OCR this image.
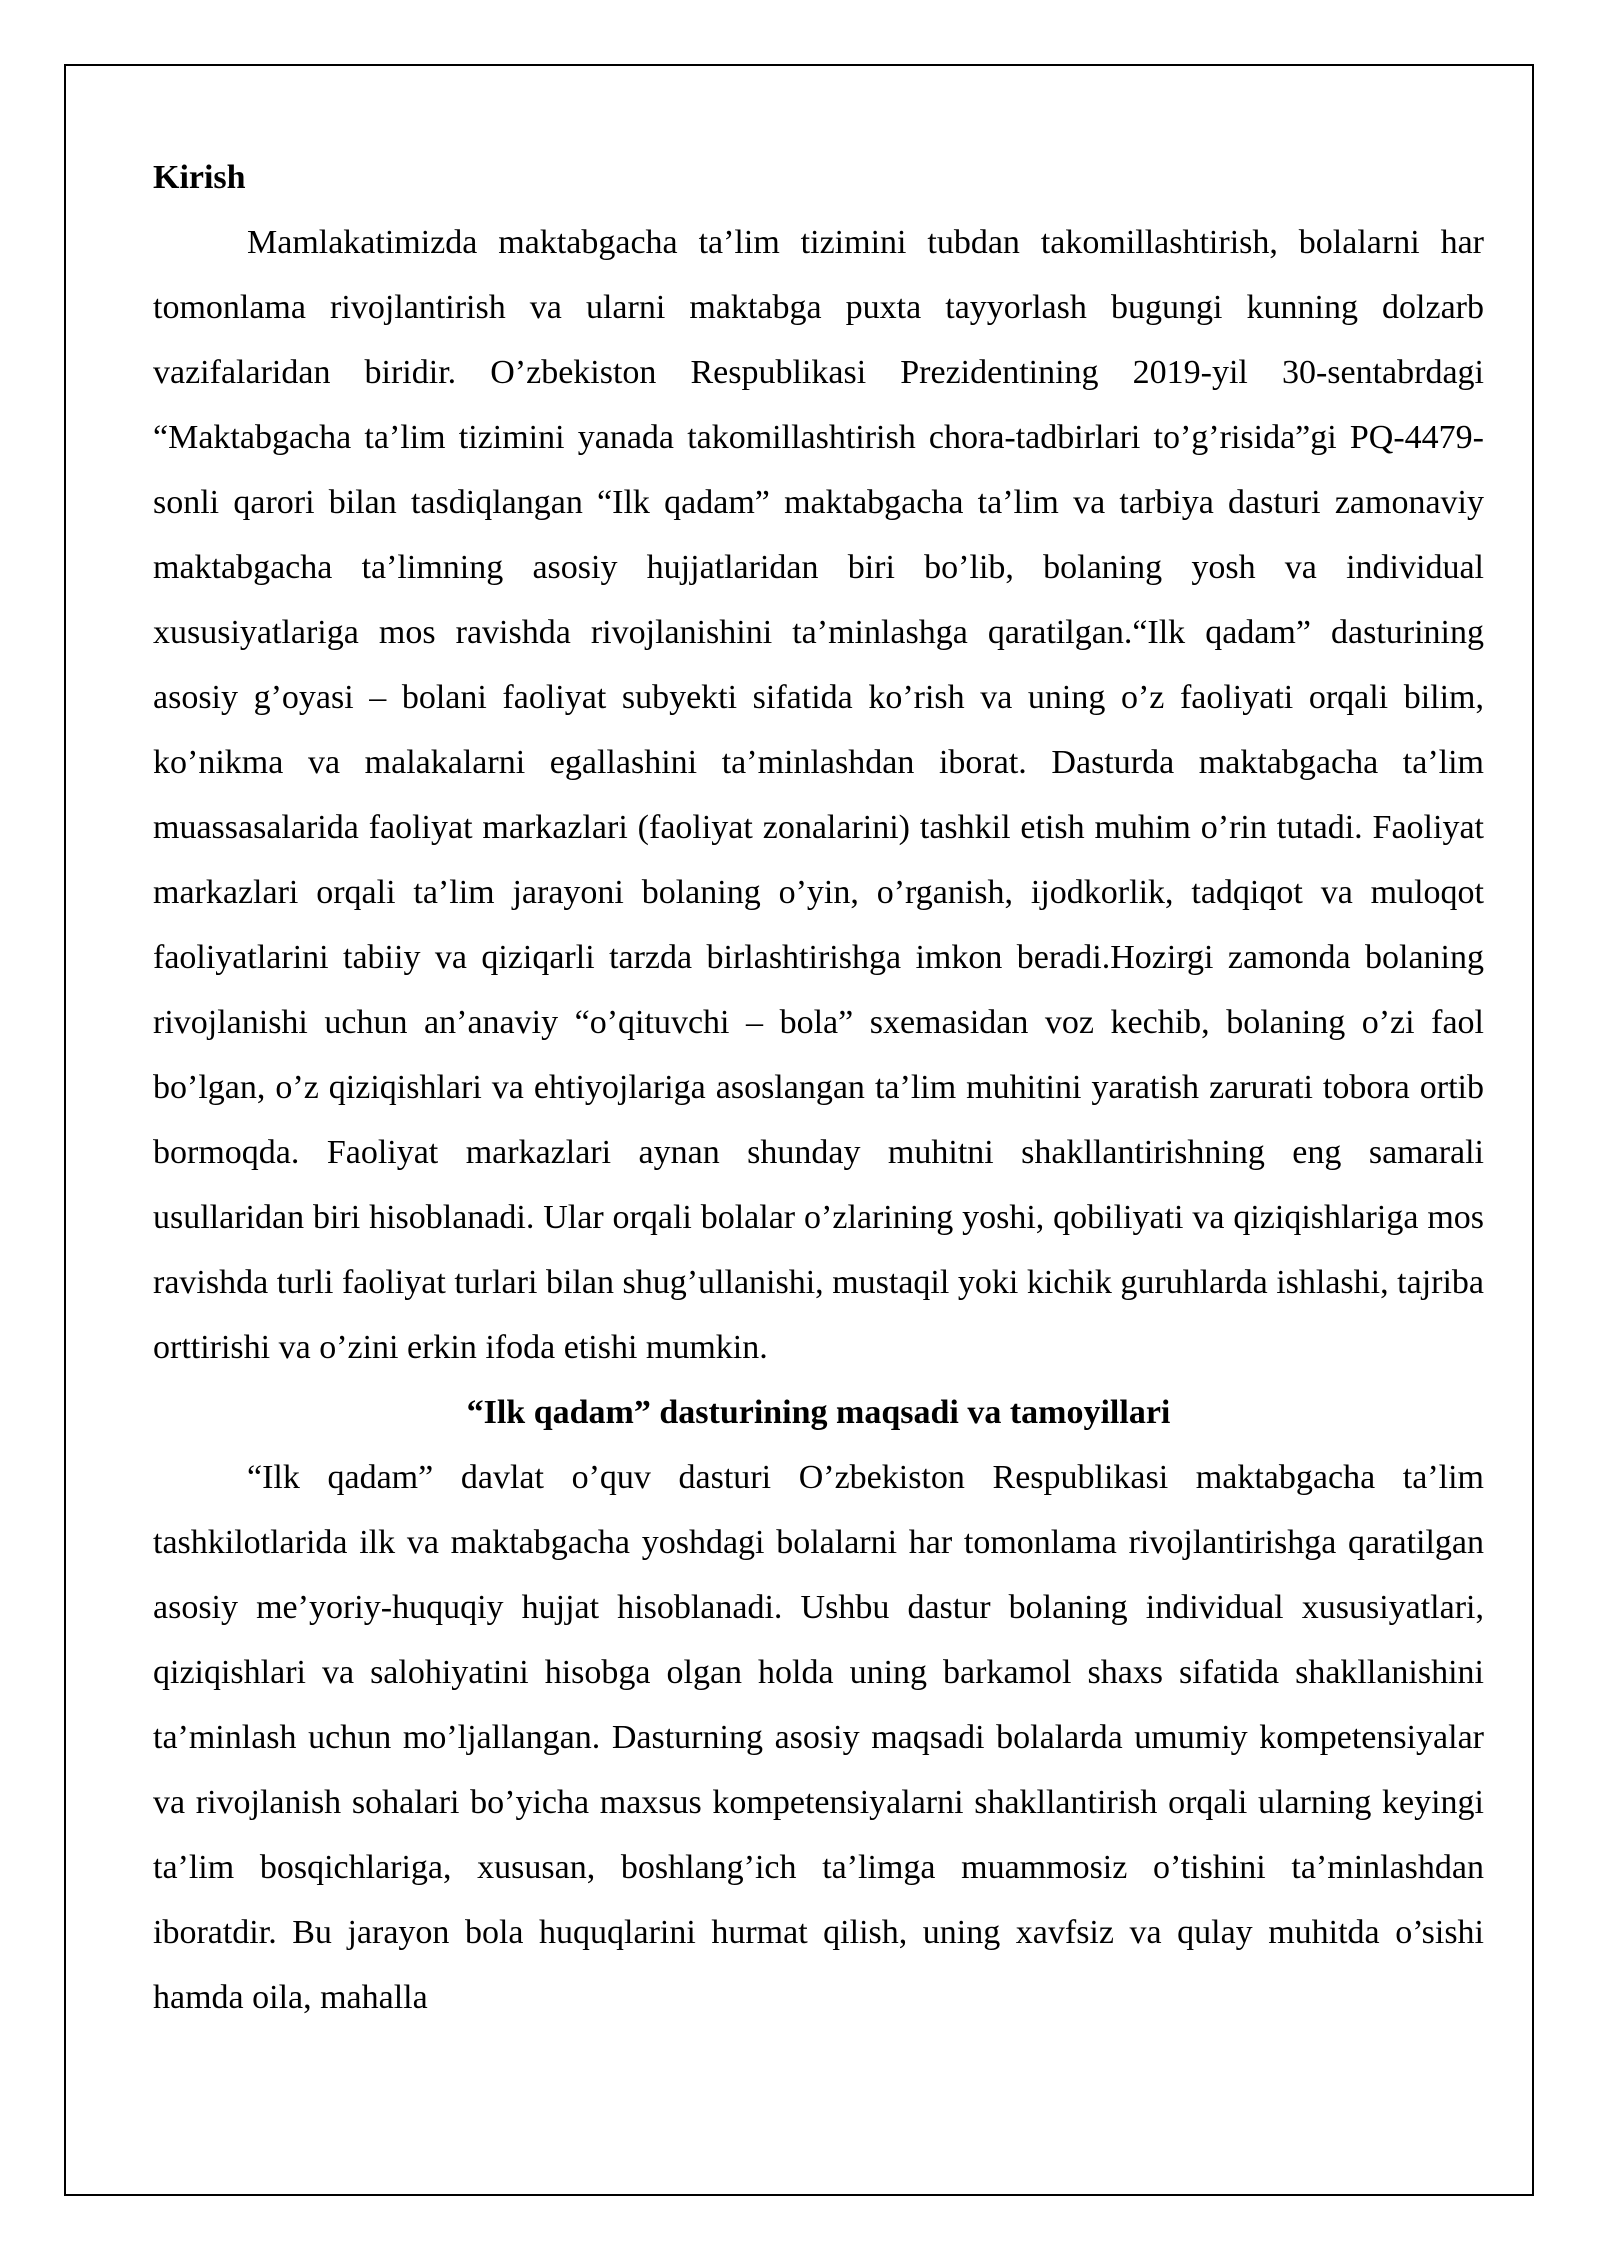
Kirish

Mamlakatimizda maktabgacha ta’lim tizimini tubdan takomillashtirish, bolalarni har tomonlama rivojlantirish va ularni maktabga puxta tayyorlash bugungi kunning dolzarb vazifalaridan biridir. O’zbekiston Respublikasi Prezidentining 2019-yil 30-sentabrdagi “Maktabgacha ta’lim tizimini yanada takomillashtirish chora-tadbirlari to’g’risida”gi PQ-4479-sonli qarori bilan tasdiqlangan “Ilk qadam” maktabgacha ta’lim va tarbiya dasturi zamonaviy maktabgacha ta’limning asosiy hujjatlaridan biri bo’lib, bolaning yosh va individual xususiyatlariga mos ravishda rivojlanishini ta’minlashga qaratilgan.“Ilk qadam” dasturining asosiy g’oyasi – bolani faoliyat subyekti sifatida ko’rish va uning o’z faoliyati orqali bilim, ko’nikma va malakalarni egallashini ta’minlashdan iborat. Dasturda maktabgacha ta’lim muassasalarida faoliyat markazlari (faoliyat zonalarini) tashkil etish muhim o’rin tutadi. Faoliyat markazlari orqali ta’lim jarayoni bolaning o’yin, o’rganish, ijodkorlik, tadqiqot va muloqot faoliyatlarini tabiiy va qiziqarli tarzda birlashtirishga imkon beradi.Hozirgi zamonda bolaning rivojlanishi uchun an’anaviy “o’qituvchi – bola” sxemasidan voz kechib, bolaning o’zi faol bo’lgan, o’z qiziqishlari va ehtiyojlariga asoslangan ta’lim muhitini yaratish zarurati tobora ortib bormoqda. Faoliyat markazlari aynan shunday muhitni shakllantirishning eng samarali usullaridan biri hisoblanadi. Ular orqali bolalar o’zlarining yoshi, qobiliyati va qiziqishlariga mos ravishda turli faoliyat turlari bilan shug’ullanishi, mustaqil yoki kichik guruhlarda ishlashi, tajriba orttirishi va o’zini erkin ifoda etishi mumkin.

“Ilk qadam” dasturining maqsadi va tamoyillari

“Ilk qadam” davlat o’quv dasturi O’zbekiston Respublikasi maktabgacha ta’lim tashkilotlarida ilk va maktabgacha yoshdagi bolalarni har tomonlama rivojlantirishga qaratilgan asosiy me’yoriy-huquqiy hujjat hisoblanadi. Ushbu dastur bolaning individual xususiyatlari, qiziqishlari va salohiyatini hisobga olgan holda uning barkamol shaxs sifatida shakllanishini ta’minlash uchun mo’ljallangan. Dasturning asosiy maqsadi bolalarda umumiy kompetensiyalar va rivojlanish sohalari bo’yicha maxsus kompetensiyalarni shakllantirish orqali ularning keyingi ta’lim bosqichlariga, xususan, boshlang’ich ta’limga muammosiz o’tishini ta’minlashdan iboratdir. Bu jarayon bola huquqlarini hurmat qilish, uning xavfsiz va qulay muhitda o’sishi hamda oila, mahalla
